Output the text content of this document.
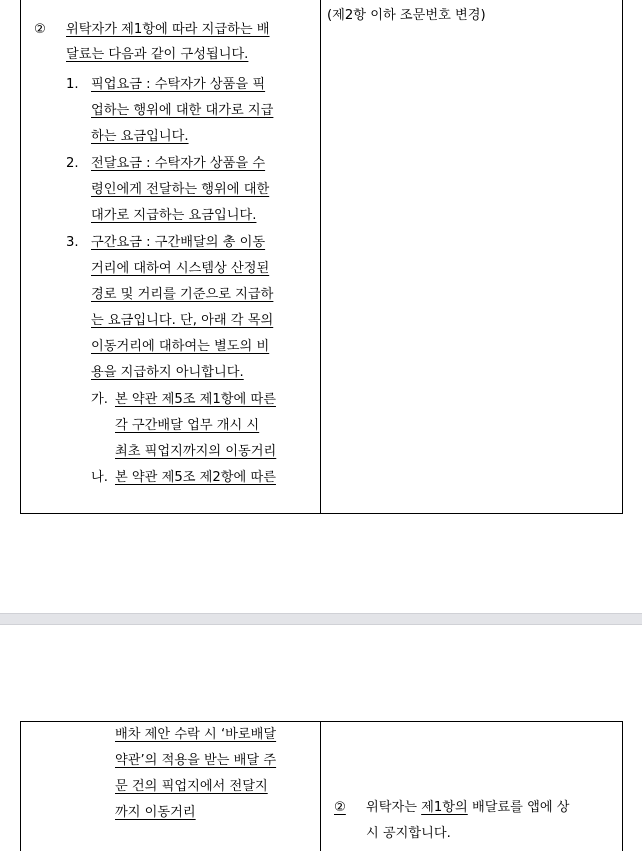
(제2항 이하 조문번호 변경)
② 위탁자가 제1항에 따라 지급하는 배
달료는 다음과 같이 구성됩니다.
1. 픽업요금 : 수탁자가 상품을 픽
업하는 행위에 대한 대가로 지급
하는 요금입니다.
2. 전달요금 : 수탁자가 상품을 수
령인에게 전달하는 행위에 대한
대가로 지급하는 요금입니다.
3. 구간요금 : 구간배달의 총 이동
거리에 대하여 시스템상 산정된
경로 및 거리를 기준으로 지급하
는 요금입니다. 단, 아래 각 목의
이동거리에 대하여는 별도의 비
용을 지급하지 아니합니다.
가. 본 약관 제5조 제1항에 따른
각 구간배달 업무 개시 시
최초 픽업지까지의 이동거리
나. 본 약관 제5조 제2항에 따른
배차 제안 수락 시 ‘바로배달
약관’의 적용을 받는 배달 주
문 건의 픽업지에서 전달지
까지 이동거리	② 위탁자는 제1항의 배달료를 앱에 상
시 공지합니다.
